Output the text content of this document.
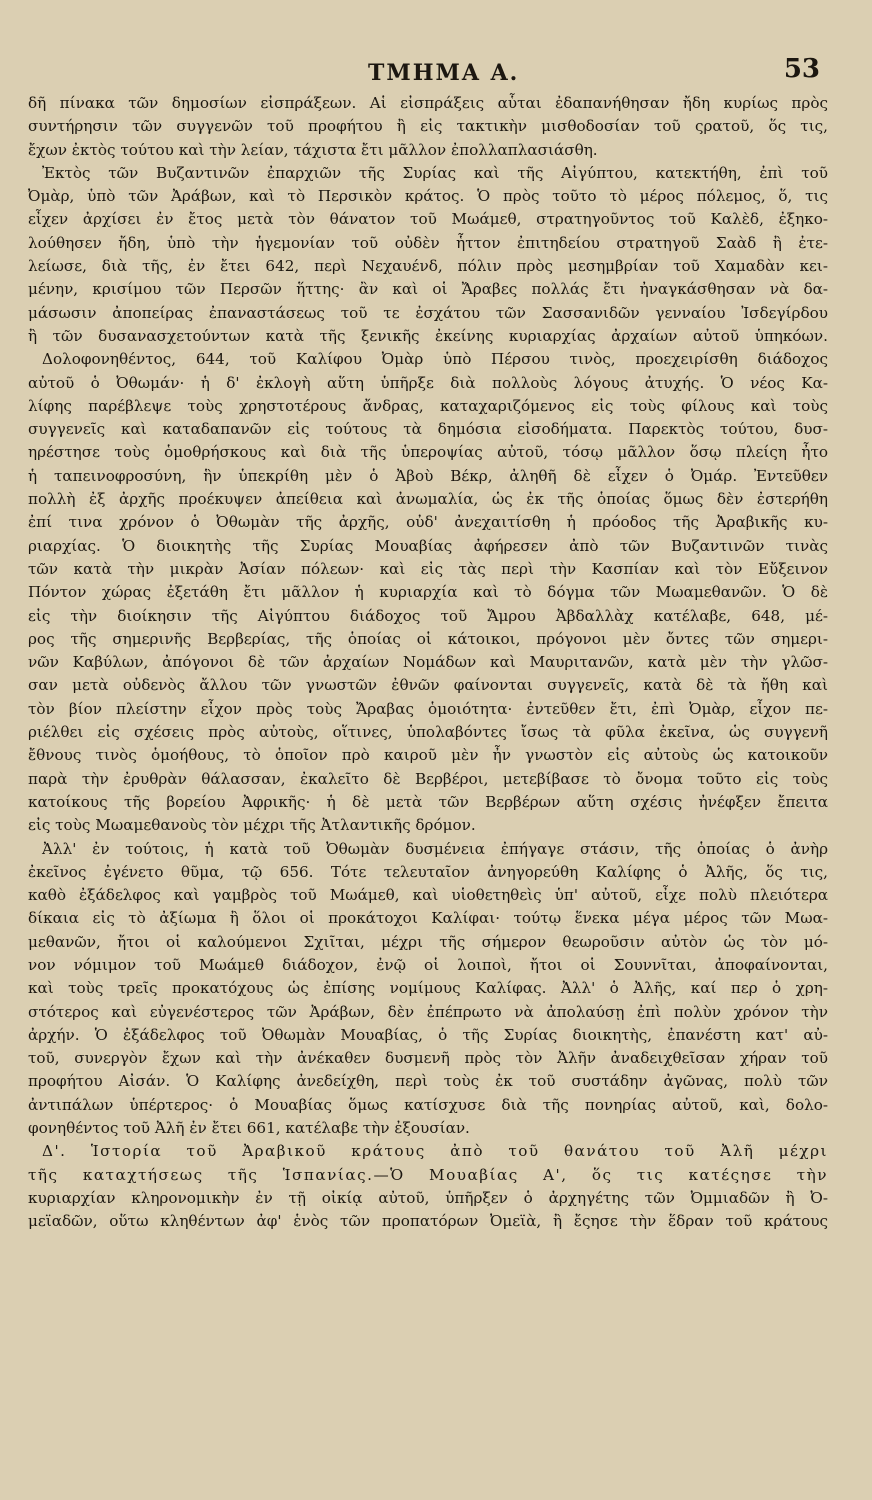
ΤΜΗΜΑ Α.	53
δῆ πίνακα τῶν δημοσίων εἰσπράξεων. Αἱ εἰσπράξεις αὗται ἐδαπανήθησαν ἤδη κυρίως πρὸς
συντήρησιν τῶν συγγενῶν τοῦ προφήτου ἢ εἰς τακτικὴν μισθοδοσίαν τοῦ ςρατοῦ, ὅς τις,
ἔχων ἐκτὸς τούτου καὶ τὴν λείαν, τάχιστα ἔτι μᾶλλον ἐπολλαπλασιάσθη.
Ἐκτὸς τῶν Βυζαντινῶν ἐπαρχιῶν τῆς Συρίας καὶ τῆς Αἰγύπτου, κατεκτήθη, ἐπὶ τοῦ
Ὀμὰρ, ὑπὸ τῶν Ἀράβων, καὶ τὸ Περσικὸν κράτος. Ὁ πρὸς τοῦτο τὸ μέρος πόλεμος, ὅ, τις
εἶχεν ἀρχίσει ἐν ἔτος μετὰ τὸν θάνατον τοῦ Μωάμεθ, στρατηγοῦντος τοῦ Καλὲδ, ἐξηκο-
λούθησεν ἤδη, ὑπὸ τὴν ἡγεμονίαν τοῦ οὐδὲν ἧττον ἐπιτηδείου στρατηγοῦ Σαὰδ ἢ ἐτε-
λείωσε, διὰ τῆς, ἐν ἔτει 642, περὶ Νεχαυένδ, πόλιν πρὸς μεσημβρίαν τοῦ Χαμαδὰν κει-
μένην, κρισίμου τῶν Περσῶν ἥττης· ἂν καὶ οἱ Ἄραβες πολλάς ἔτι ἠναγκάσθησαν νὰ δα-
μάσωσιν ἀποπείρας ἐπαναστάσεως τοῦ τε ἐσχάτου τῶν Σασσανιδῶν γενναίου Ἰσδεγίρδου
ἢ τῶν δυσανασχετούντων κατὰ τῆς ξενικῆς ἐκείνης κυριαρχίας ἀρχαίων αὐτοῦ ὑπηκόων.
Δολοφονηθέντος, 644, τοῦ Καλίφου Ὀμὰρ ὑπὸ Πέρσου τινὸς, προεχειρίσθη διάδοχος
αὐτοῦ ὁ Ὀθωμάν· ἡ δ' ἐκλογὴ αὕτη ὑπῆρξε διὰ πολλοὺς λόγους ἀτυχής. Ὁ νέος Κα-
λίφης παρέβλεψε τοὺς χρηστοτέρους ἄνδρας, καταχαριζόμενος εἰς τοὺς φίλους καὶ τοὺς
συγγενεῖς καὶ καταδαπανῶν εἰς τούτους τὰ δημόσια εἰσοδήματα. Παρεκτὸς τούτου, δυσ-
ηρέστησε τοὺς ὁμοθρήσκους καὶ διὰ τῆς ὑπεροψίας αὐτοῦ, τόσῳ μᾶλλον ὅσῳ πλείςη ἦτο
ἡ ταπεινοφροσύνη, ἣν ὑπεκρίθη μὲν ὁ Ἀβοὺ Βέκρ, ἀληθῆ δὲ εἶχεν ὁ Ὀμάρ. Ἐντεῦθεν
πολλὴ ἐξ ἀρχῆς προέκυψεν ἀπείθεια καὶ ἀνωμαλία, ὡς ἐκ τῆς ὁποίας ὅμως δὲν ἐστερήθη
ἐπί τινα χρόνον ὁ Ὀθωμὰν τῆς ἀρχῆς, οὐδ' ἀνεχαιτίσθη ἡ πρόοδος τῆς Ἀραβικῆς κυ-
ριαρχίας. Ὁ διοικητὴς τῆς Συρίας Μουαβίας ἀφήρεσεν ἀπὸ τῶν Βυζαντινῶν τινὰς
τῶν κατὰ τὴν μικρὰν Ἀσίαν πόλεων· καὶ εἰς τὰς περὶ τὴν Κασπίαν καὶ τὸν Εὔξεινον
Πόντον χώρας ἐξετάθη ἔτι μᾶλλον ἡ κυριαρχία καὶ τὸ δόγμα τῶν Μωαμεθανῶν. Ὁ δὲ
εἰς τὴν διοίκησιν τῆς Αἰγύπτου διάδοχος τοῦ Ἄμρου Ἀβδαλλὰχ κατέλαβε, 648, μέ-
ρος τῆς σημερινῆς Βερβερίας, τῆς ὁποίας οἱ κάτοικοι, πρόγονοι μὲν ὄντες τῶν σημερι-
νῶν Καβύλων, ἀπόγονοι δὲ τῶν ἀρχαίων Νομάδων καὶ Μαυριτανῶν, κατὰ μὲν τὴν γλῶσ-
σαν μετὰ οὐδενὸς ἄλλου τῶν γνωστῶν ἐθνῶν φαίνονται συγγενεῖς, κατὰ δὲ τὰ ἤθη καὶ
τὸν βίον πλείστην εἶχον πρὸς τοὺς Ἄραβας ὁμοιότητα· ἐντεῦθεν ἔτι, ἐπὶ Ὀμὰρ, εἶχον πε-
ριέλθει εἰς σχέσεις πρὸς αὐτοὺς, οἵτινες, ὑπολαβόντες ἴσως τὰ φῦλα ἐκεῖνα, ὡς συγγενῆ
ἔθνους τινὸς ὁμοήθους, τὸ ὁποῖον πρὸ καιροῦ μὲν ἦν γνωστὸν εἰς αὐτοὺς ὡς κατοικοῦν
παρὰ τὴν ἐρυθρὰν θάλασσαν, ἐκαλεῖτο δὲ Βερβέροι, μετεβίβασε τὸ ὄνομα τοῦτο εἰς τοὺς
κατοίκους τῆς βορείου Ἀφρικῆς· ἡ δὲ μετὰ τῶν Βερβέρων αὕτη σχέσις ἠνέφξεν ἔπειτα
εἰς τοὺς Μωαμεθανοὺς τὸν μέχρι τῆς Ἀτλαντικῆς δρόμον.
Ἀλλ' ἐν τούτοις, ἡ κατὰ τοῦ Ὀθωμὰν δυσμένεια ἐπήγαγε στάσιν, τῆς ὁποίας ὁ ἀνὴρ
ἐκεῖνος ἐγένετο θῦμα, τῷ 656. Τότε τελευταῖον ἀνηγορεύθη Καλίφης ὁ Ἀλῆς, ὅς τις,
καθὸ ἐξάδελφος καὶ γαμβρὸς τοῦ Μωάμεθ, καὶ υἱοθετηθεὶς ὑπ' αὐτοῦ, εἶχε πολὺ πλειότερα
δίκαια εἰς τὸ ἀξίωμα ἢ ὅλοι οἱ προκάτοχοι Καλίφαι· τούτῳ ἕνεκα μέγα μέρος τῶν Μωα-
μεθανῶν, ἤτοι οἱ καλούμενοι Σχιῖται, μέχρι τῆς σήμερον θεωροῦσιν αὐτὸν ὡς τὸν μό-
νον νόμιμον τοῦ Μωάμεθ διάδοχον, ἐνῷ οἱ λοιποὶ, ἤτοι οἱ Σουννῖται, ἀποφαίνονται,
καὶ τοὺς τρεῖς προκατόχους ὡς ἐπίσης νομίμους Καλίφας. Ἀλλ' ὁ Ἀλῆς, καί περ ὁ χρη-
στότερος καὶ εὐγενέστερος τῶν Ἀράβων, δὲν ἐπέπρωτο νὰ ἀπολαύσῃ ἐπὶ πολὺν χρόνον τὴν
ἀρχήν. Ὁ ἐξάδελφος τοῦ Ὀθωμὰν Μουαβίας, ὁ τῆς Συρίας διοικητὴς, ἐπανέστη κατ' αὐ-
τοῦ, συνεργὸν ἔχων καὶ τὴν ἀνέκαθεν δυσμενῆ πρὸς τὸν Ἀλῆν ἀναδειχθεῖσαν χήραν τοῦ
προφήτου Αἰσάν. Ὁ Καλίφης ἀνεδείχθη, περὶ τοὺς ἐκ τοῦ συστάδην ἀγῶνας, πολὺ τῶν
ἀντιπάλων ὑπέρτερος· ὁ Μουαβίας ὅμως κατίσχυσε διὰ τῆς πονηρίας αὐτοῦ, καὶ, δολο-
φονηθέντος τοῦ Ἀλῆ ἐν ἔτει 661, κατέλαβε τὴν ἐξουσίαν.
Δ'. Ἱστορία τοῦ Ἀραβικοῦ κράτους ἀπὸ τοῦ θανάτου τοῦ Ἀλῆ μέχρι
τῆς καταχτήσεως τῆς Ἱσπανίας.—Ὁ Μουαβίας Α', ὅς τις κατέςησε τὴν
κυριαρχίαν κληρονομικὴν ἐν τῇ οἰκίᾳ αὐτοῦ, ὑπῆρξεν ὁ ἀρχηγέτης τῶν Ὀμμιαδῶν ἢ Ὀ-
μεϊαδῶν, οὕτω κληθέντων ἀφ' ἑνὸς τῶν προπατόρων Ὀμεϊὰ, ἢ ἔςησε τὴν ἕδραν τοῦ κράτους
